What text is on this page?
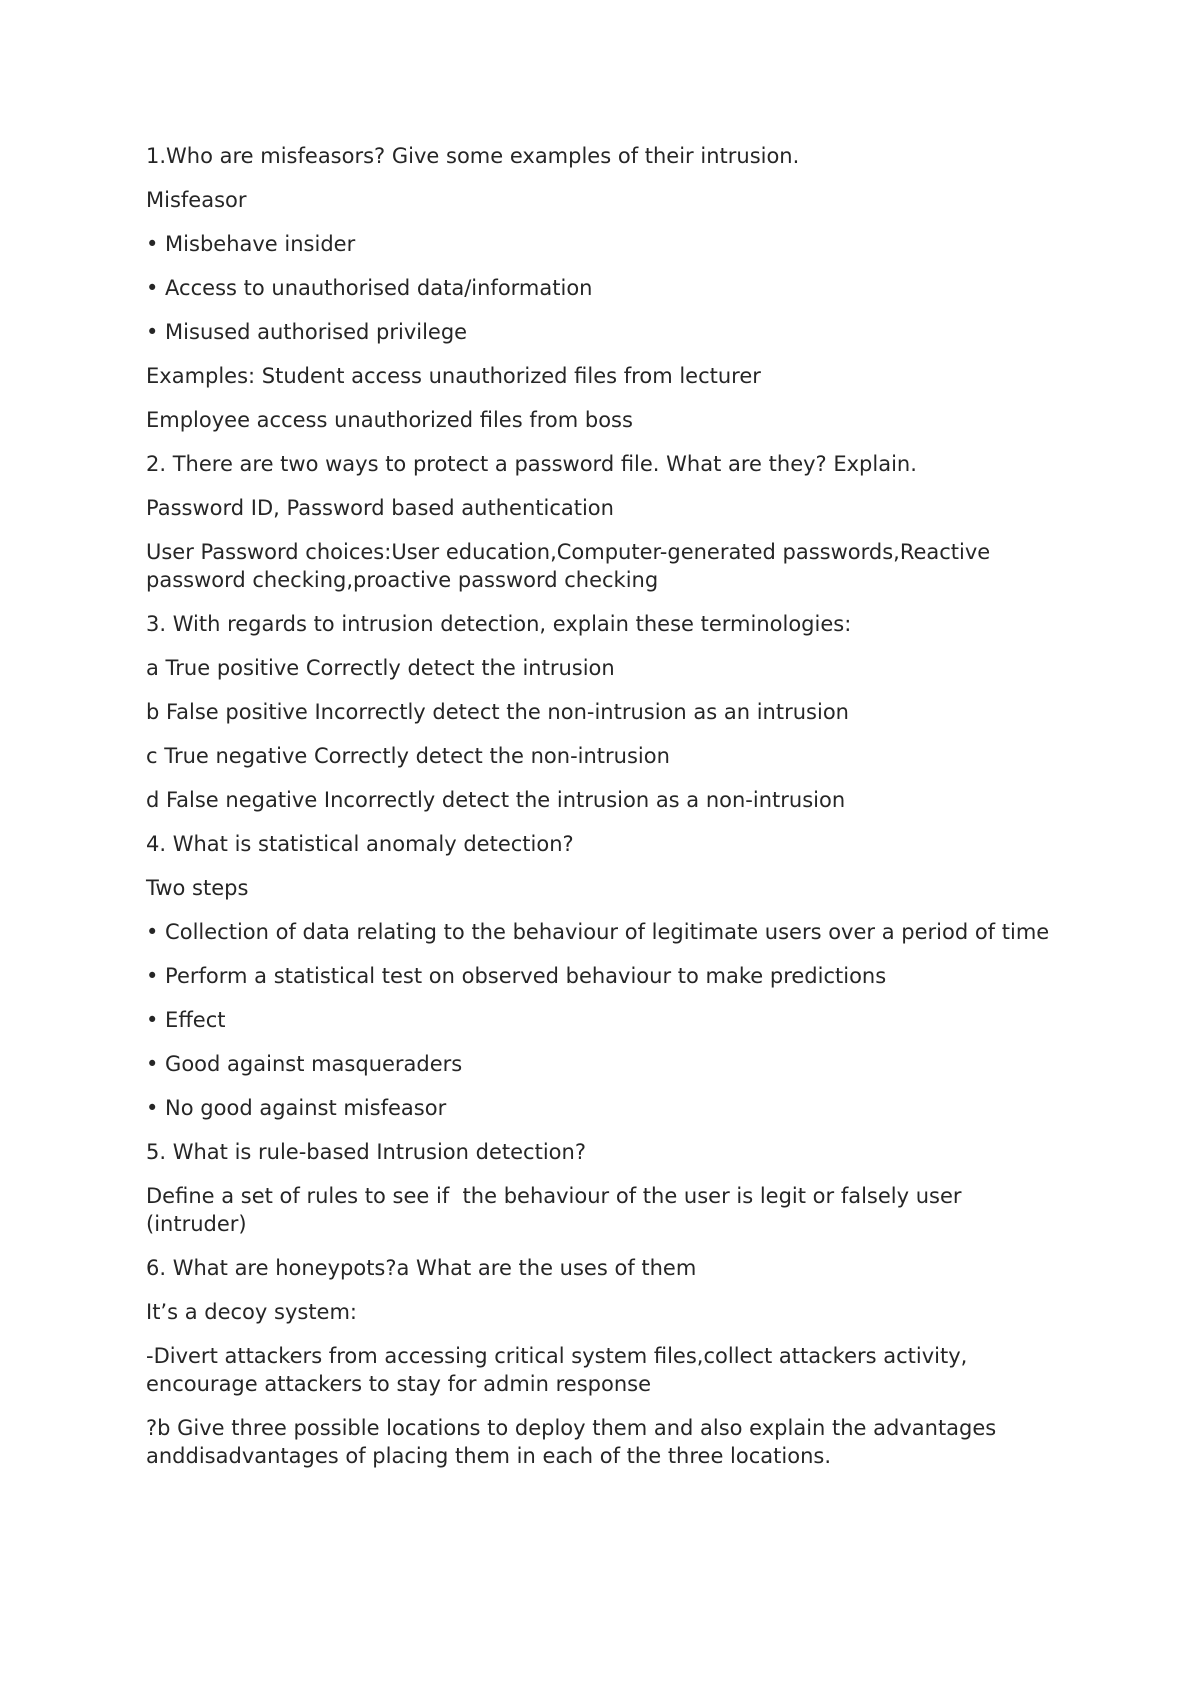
1.Who are misfeasors? Give some examples of their intrusion.

Misfeasor

• Misbehave insider

• Access to unauthorised data/information

• Misused authorised privilege

Examples: Student access unauthorized files from lecturer

Employee access unauthorized files from boss

2. There are two ways to protect a password file. What are they? Explain.

Password ID, Password based authentication

User Password choices:User education,Computer-generated passwords,Reactive password checking,proactive password checking

3. With regards to intrusion detection, explain these terminologies:

a True positive Correctly detect the intrusion

b False positive Incorrectly detect the non-intrusion as an intrusion

c True negative Correctly detect the non-intrusion

d False negative Incorrectly detect the intrusion as a non-intrusion

4. What is statistical anomaly detection?

Two steps

• Collection of data relating to the behaviour of legitimate users over a period of time

• Perform a statistical test on observed behaviour to make predictions

• Effect

• Good against masqueraders

• No good against misfeasor

5. What is rule-based Intrusion detection?

Define a set of rules to see if  the behaviour of the user is legit or falsely user (intruder)

6. What are honeypots?a What are the uses of them

It’s a decoy system:

-Divert attackers from accessing critical system files,collect attackers activity, encourage attackers to stay for admin response

?b Give three possible locations to deploy them and also explain the advantages anddisadvantages of placing them in each of the three locations.
